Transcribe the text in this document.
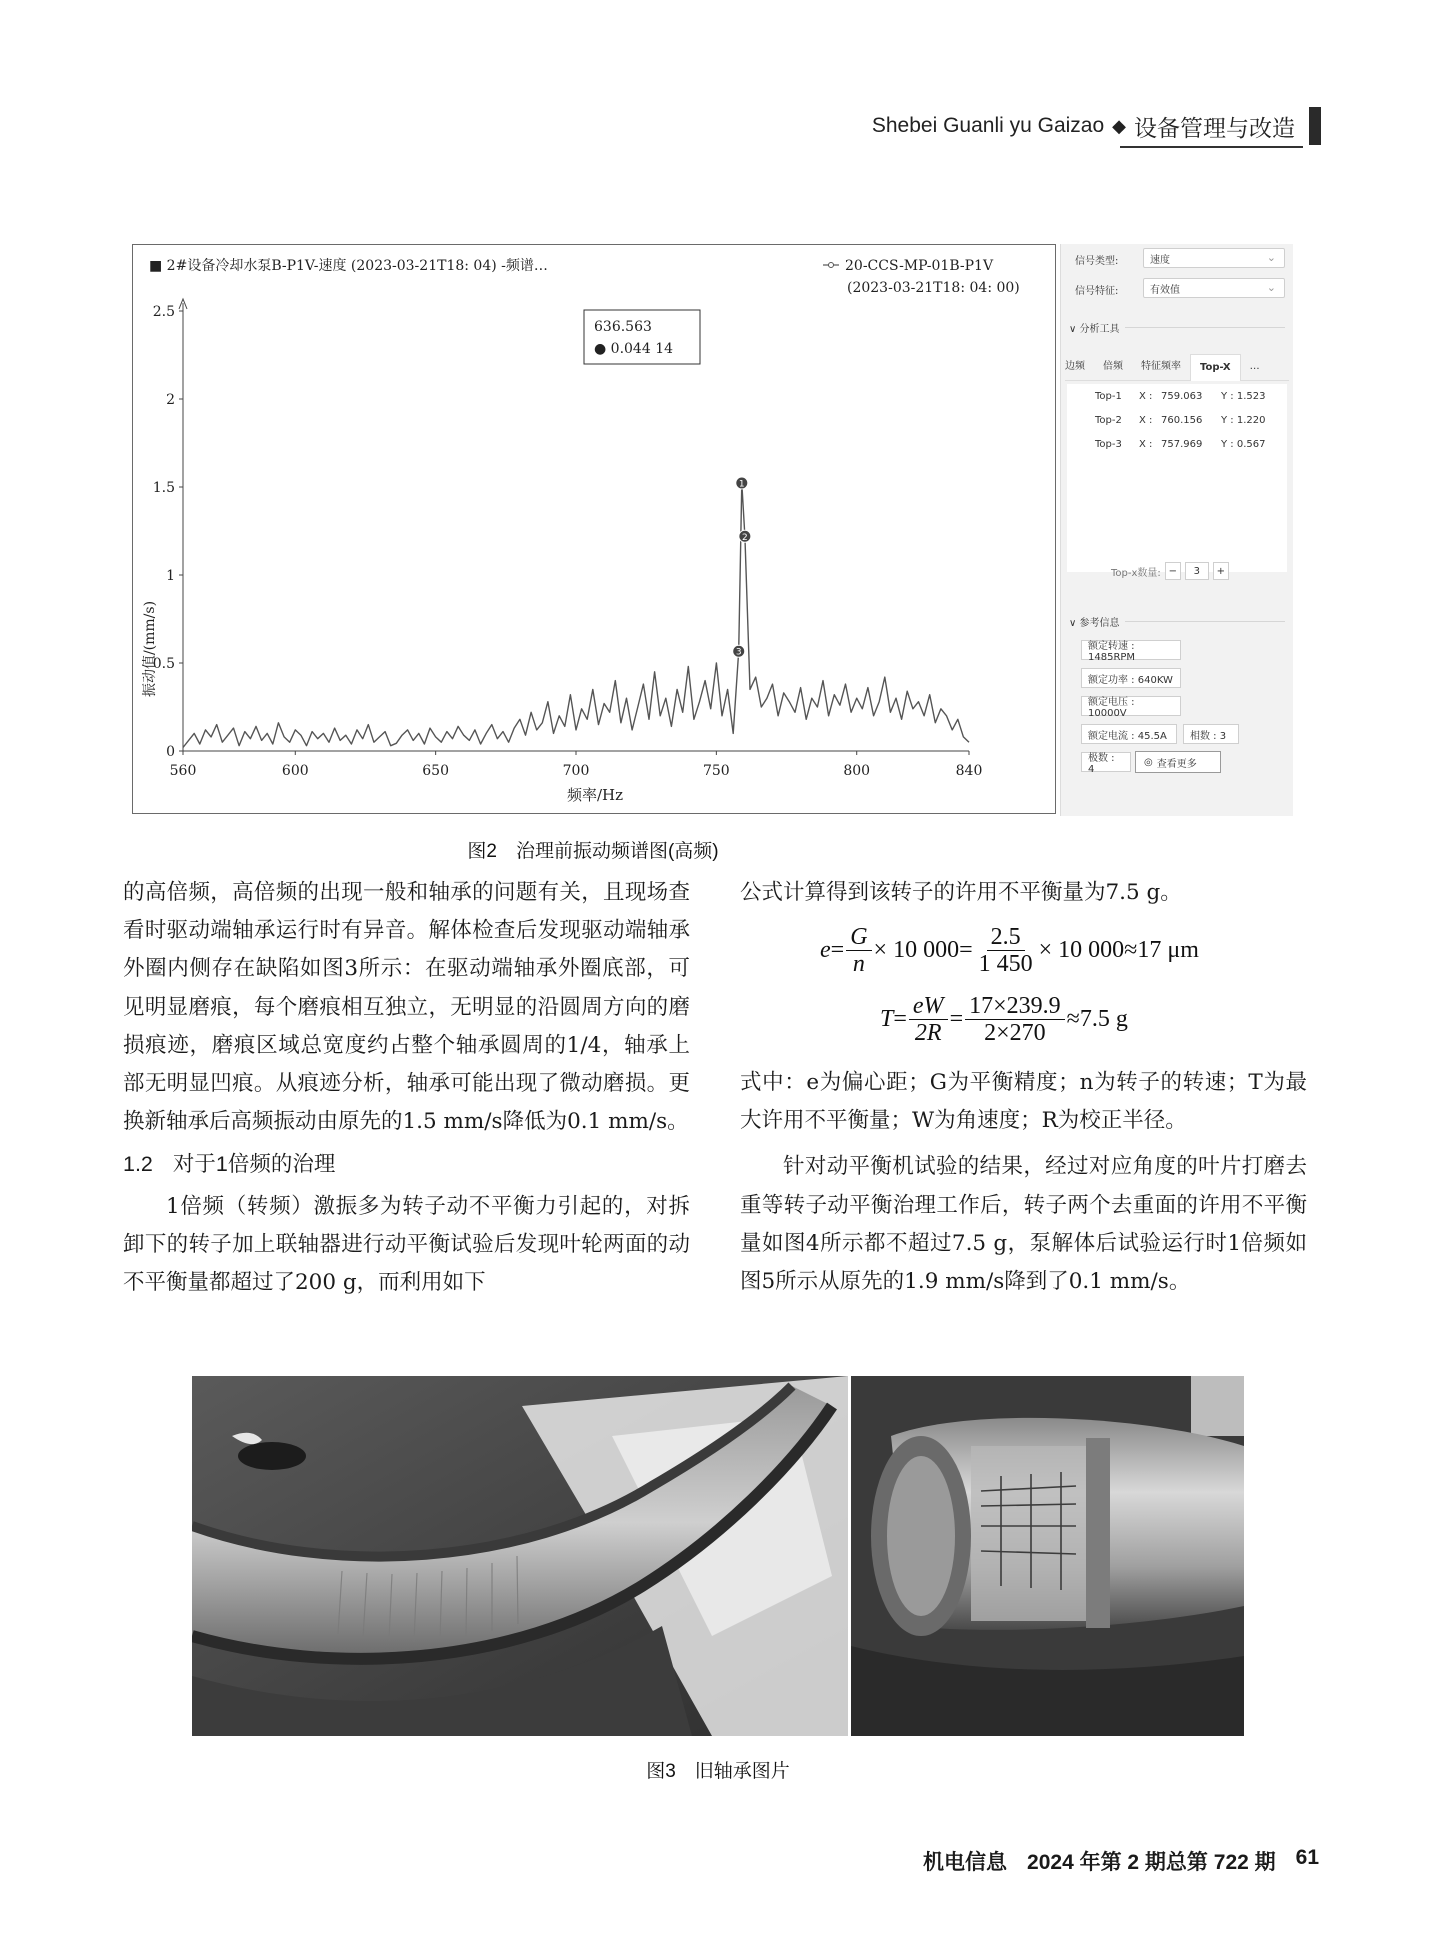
Shebei Guanli yu Gaizao ◆ 设备管理与改造
560	600	650	700	750	800	840
0
0.5
1
1.5
2
2.5
1
2
3
■ 2#设备冷却水泵B-P1V-速度 (2023-03-21T18: 04) -频谱…	20-CCS-MP-01B-P1V
(2023-03-21T18: 04: 00)
636.563
● 0.044 14
振动值/(mm/s)
频率/Hz
信号类型:	速度	⌄
信号特征:	有效值	⌄
∨ 分析工具
边频	倍频	特征频率	Top-X	…
Top-1 X : 759.063 Y : 1.523
Top-2 X : 760.156 Y : 1.220
Top-3 X : 757.969 Y : 0.567
Top-x数量: −	3	+
∨ 参考信息
额定转速 : 1485RPM
额定功率 : 640KW
额定电压 : 10000V
额定电流 : 45.5A 相数 : 3
极数 : 4
◎ 查看更多
图2　治理前振动频谱图(高频)

的高倍频，高倍频的出现一般和轴承的问题有关，且现场查看时驱动端轴承运行时有异音。解体检查后发现驱动端轴承外圈内侧存在缺陷如图3所示：在驱动端轴承外圈底部，可见明显磨痕，每个磨痕相互独立，无明显的沿圆周方向的磨损痕迹，磨痕区域总宽度约占整个轴承圆周的1/4，轴承上部无明显凹痕。从痕迹分析，轴承可能出现了微动磨损。更换新轴承后高频振动由原先的1.5 mm/s降低为0.1 mm/s。

1.2 对于1倍频的治理

1倍频（转频）激振多为转子动不平衡力引起的，对拆卸下的转子加上联轴器进行动平衡试验后发现叶轮两面的动不平衡量都超过了200 g，而利用如下

公式计算得到该转子的许用不平衡量为7.5 g。

$e = \frac{G}{n} \times 10$ $000= \frac{2.5}{1 450} \times 10$ 000≈17 μm
$T = \frac{eW}{2R} = \frac{17\times 239.9}{2\times 270} \approx 7.5$ g

式中：e为偏心距；G为平衡精度；n为转子的转速；T为最大许用不平衡量；W为角速度；R为校正半径。

针对动平衡机试验的结果，经过对应角度的叶片打磨去重等转子动平衡治理工作后，转子两个去重面的许用不平衡量如图4所示都不超过7.5 g，泵解体后试验运行时1倍频如图5所示从原先的1.9 mm/s降到了0.1 mm/s。

图3　旧轴承图片
机电信息 2024 年第 2 期总第 722 期 61
